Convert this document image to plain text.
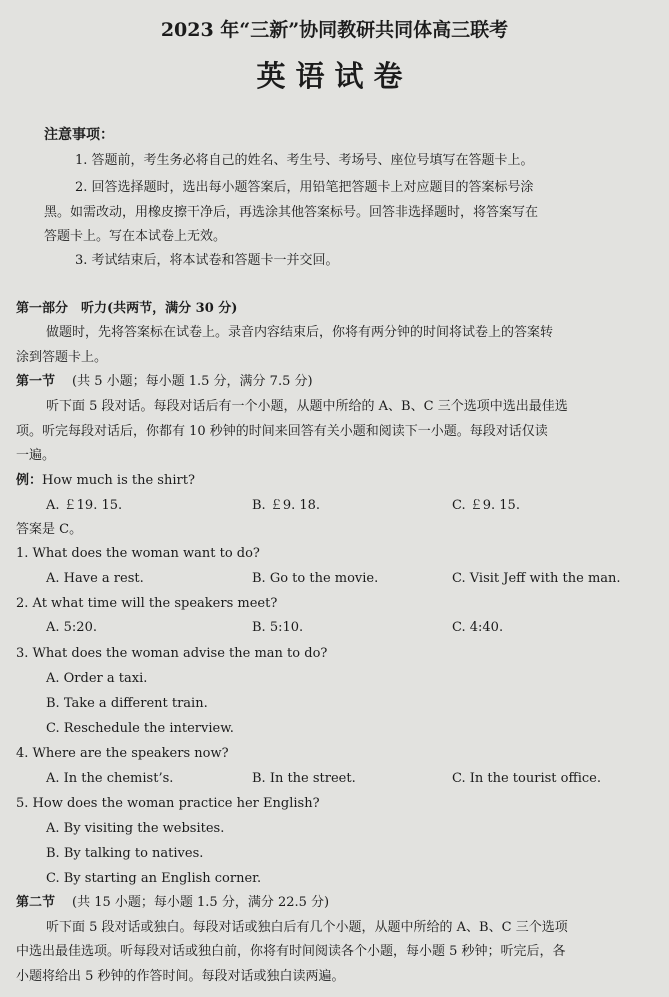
2023 年“三新”协同教研共同体高三联考
英语试卷
注意事项：
1. 答题前，考生务必将自己的姓名、考生号、考场号、座位号填写在答题卡上。
2. 回答选择题时，选出每小题答案后，用铅笔把答题卡上对应题目的答案标号涂
黑。如需改动，用橡皮擦干净后，再选涂其他答案标号。回答非选择题时，将答案写在
答题卡上。写在本试卷上无效。
3. 考试结束后，将本试卷和答题卡一并交回。
第一部分　听力(共两节，满分 30 分)
做题时，先将答案标在试卷上。录音内容结束后，你将有两分钟的时间将试卷上的答案转
涂到答题卡上。
第一节 (共 5 小题；每小题 1.5 分，满分 7.5 分)
听下面 5 段对话。每段对话后有一个小题，从题中所给的 A、B、C 三个选项中选出最佳选
项。听完每段对话后，你都有 10 秒钟的时间来回答有关小题和阅读下一小题。每段对话仅读
一遍。
例：How much is the shirt?
A. ￡19. 15.	B. ￡9. 18.	C. ￡9. 15.
答案是 C。
1. What does the woman want to do?
A. Have a rest.	B. Go to the movie.	C. Visit Jeff with the man.
2. At what time will the speakers meet?
A. 5:20.	B. 5:10.	C. 4:40.
3. What does the woman advise the man to do?
A. Order a taxi.
B. Take a different train.
C. Reschedule the interview.
4. Where are the speakers now?
A. In the chemist’s.	B. In the street.	C. In the tourist office.
5. How does the woman practice her English?
A. By visiting the websites.
B. By talking to natives.
C. By starting an English corner.
第二节 (共 15 小题；每小题 1.5 分，满分 22.5 分)
听下面 5 段对话或独白。每段对话或独白后有几个小题，从题中所给的 A、B、C 三个选项
中选出最佳选项。听每段对话或独白前，你将有时间阅读各个小题，每小题 5 秒钟；听完后，各
小题将给出 5 秒钟的作答时间。每段对话或独白读两遍。
